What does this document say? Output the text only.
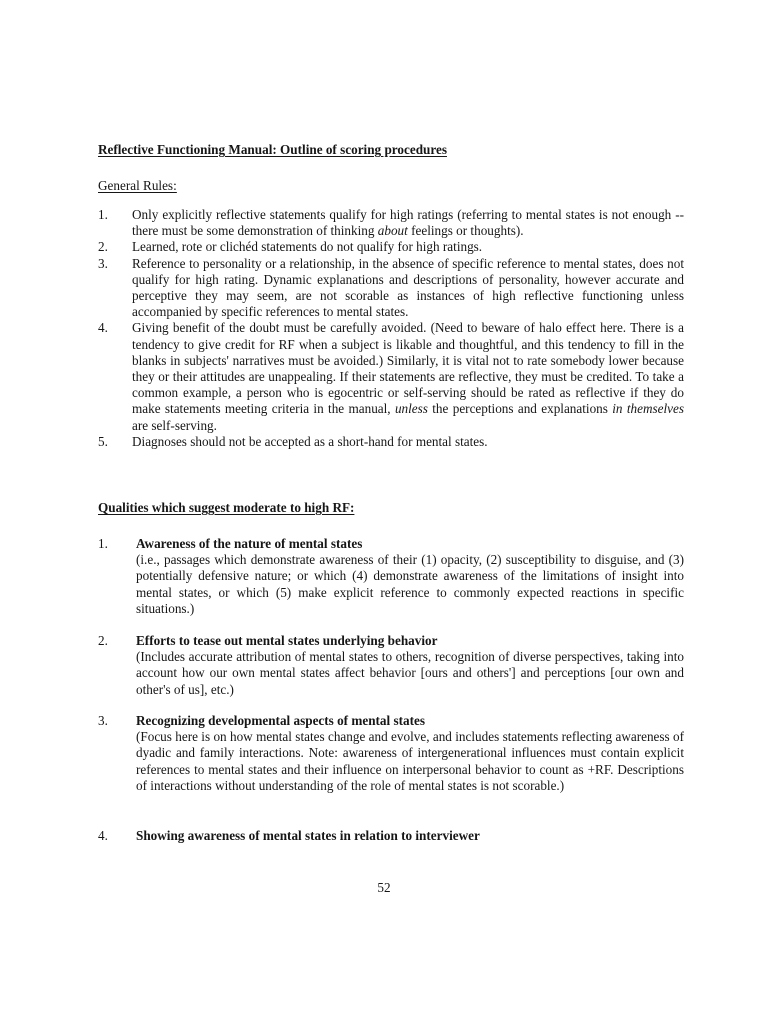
Reflective Functioning Manual: Outline of scoring procedures
General Rules:
1.	Only explicitly reflective statements qualify for high ratings (referring to mental states is not enough -- there must be some demonstration of thinking about feelings or thoughts).
2.	Learned, rote or clichéd statements do not qualify for high ratings.
3.	Reference to personality or a relationship, in the absence of specific reference to mental states, does not qualify for high rating. Dynamic explanations and descriptions of personality, however accurate and perceptive they may seem, are not scorable as instances of high reflective functioning unless accompanied by specific references to mental states.
4.	Giving benefit of the doubt must be carefully avoided. (Need to beware of halo effect here. There is a tendency to give credit for RF when a subject is likable and thoughtful, and this tendency to fill in the blanks in subjects' narratives must be avoided.) Similarly, it is vital not to rate somebody lower because they or their attitudes are unappealing. If their statements are reflective, they must be credited. To take a common example, a person who is egocentric or self-serving should be rated as reflective if they do make statements meeting criteria in the manual, unless the perceptions and explanations in themselves are self-serving.
5.	Diagnoses should not be accepted as a short-hand for mental states.
Qualities which suggest moderate to high RF:
1.	Awareness of the nature of mental states
(i.e., passages which demonstrate awareness of their (1) opacity, (2) susceptibility to disguise, and (3) potentially defensive nature; or which (4) demonstrate awareness of the limitations of insight into mental states, or which (5) make explicit reference to commonly expected reactions in specific situations.)
2.	Efforts to tease out mental states underlying behavior
(Includes accurate attribution of mental states to others, recognition of diverse perspectives, taking into account how our own mental states affect behavior [ours and others'] and perceptions [our own and other's of us], etc.)
3.	Recognizing developmental aspects of mental states
(Focus here is on how mental states change and evolve, and includes statements reflecting awareness of dyadic and family interactions. Note: awareness of intergenerational influences must contain explicit references to mental states and their influence on interpersonal behavior to count as +RF. Descriptions of interactions without understanding of the role of mental states is not scorable.)
4.	Showing awareness of mental states in relation to interviewer
52
